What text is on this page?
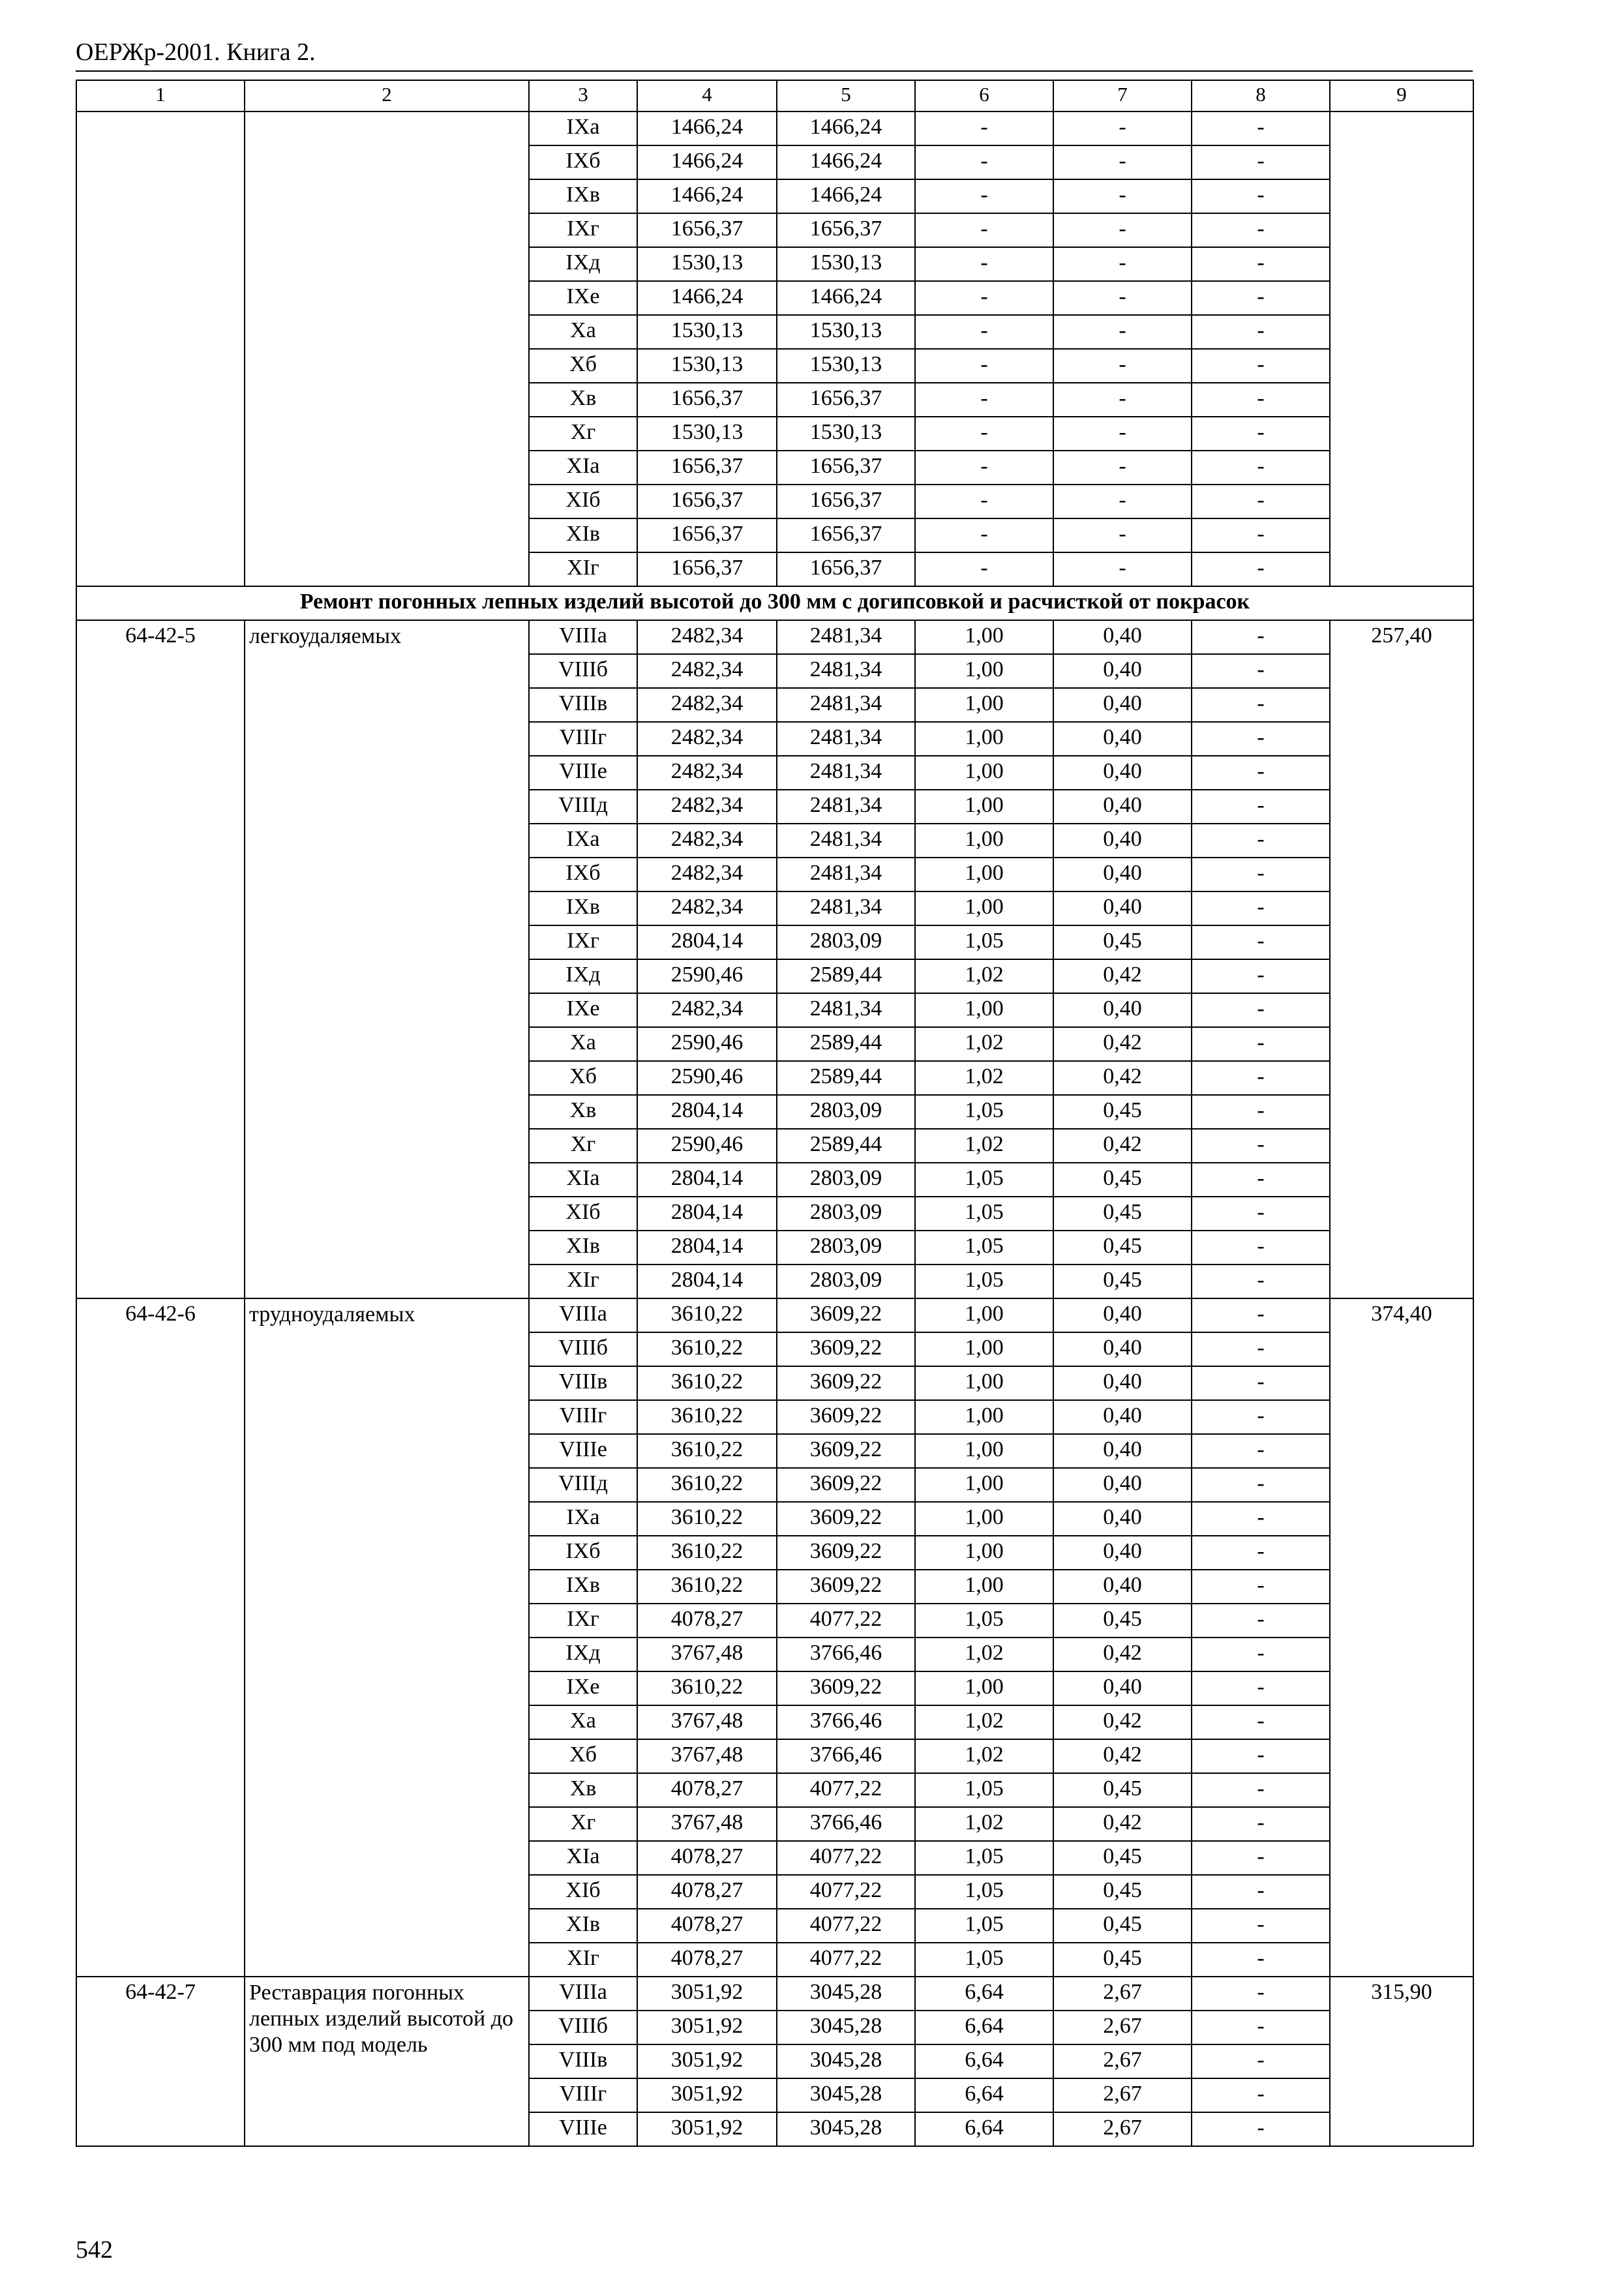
ОЕРЖр-2001. Книга 2.
1	2	3	4	5	6	7	8	9
		IXа	1466,24	1466,24	-	-	-	
		IXб	1466,24	1466,24	-	-	-	
		IXв	1466,24	1466,24	-	-	-	
		IXг	1656,37	1656,37	-	-	-	
		IXд	1530,13	1530,13	-	-	-	
		IXе	1466,24	1466,24	-	-	-	
		Xа	1530,13	1530,13	-	-	-	
		Xб	1530,13	1530,13	-	-	-	
		Xв	1656,37	1656,37	-	-	-	
		Xг	1530,13	1530,13	-	-	-	
		XIа	1656,37	1656,37	-	-	-	
		XIб	1656,37	1656,37	-	-	-	
		XIв	1656,37	1656,37	-	-	-	
		XIг	1656,37	1656,37	-	-	-	
Ремонт погонных лепных изделий высотой до 300 мм с догипсовкой и расчисткой от покрасок								
64-42-5	легкоудаляемых	VIIIа	2482,34	2481,34	1,00	0,40	-	257,40
		VIIIб	2482,34	2481,34	1,00	0,40	-	
		VIIIв	2482,34	2481,34	1,00	0,40	-	
		VIIIг	2482,34	2481,34	1,00	0,40	-	
		VIIIе	2482,34	2481,34	1,00	0,40	-	
		VIIIд	2482,34	2481,34	1,00	0,40	-	
		IXа	2482,34	2481,34	1,00	0,40	-	
		IXб	2482,34	2481,34	1,00	0,40	-	
		IXв	2482,34	2481,34	1,00	0,40	-	
		IXг	2804,14	2803,09	1,05	0,45	-	
		IXд	2590,46	2589,44	1,02	0,42	-	
		IXе	2482,34	2481,34	1,00	0,40	-	
		Xа	2590,46	2589,44	1,02	0,42	-	
		Xб	2590,46	2589,44	1,02	0,42	-	
		Xв	2804,14	2803,09	1,05	0,45	-	
		Xг	2590,46	2589,44	1,02	0,42	-	
		XIа	2804,14	2803,09	1,05	0,45	-	
		XIб	2804,14	2803,09	1,05	0,45	-	
		XIв	2804,14	2803,09	1,05	0,45	-	
		XIг	2804,14	2803,09	1,05	0,45	-	
64-42-6	трудноудаляемых	VIIIа	3610,22	3609,22	1,00	0,40	-	374,40
		VIIIб	3610,22	3609,22	1,00	0,40	-	
		VIIIв	3610,22	3609,22	1,00	0,40	-	
		VIIIг	3610,22	3609,22	1,00	0,40	-	
		VIIIе	3610,22	3609,22	1,00	0,40	-	
		VIIIд	3610,22	3609,22	1,00	0,40	-	
		IXа	3610,22	3609,22	1,00	0,40	-	
		IXб	3610,22	3609,22	1,00	0,40	-	
		IXв	3610,22	3609,22	1,00	0,40	-	
		IXг	4078,27	4077,22	1,05	0,45	-	
		IXд	3767,48	3766,46	1,02	0,42	-	
		IXе	3610,22	3609,22	1,00	0,40	-	
		Xа	3767,48	3766,46	1,02	0,42	-	
		Xб	3767,48	3766,46	1,02	0,42	-	
		Xв	4078,27	4077,22	1,05	0,45	-	
		Xг	3767,48	3766,46	1,02	0,42	-	
		XIа	4078,27	4077,22	1,05	0,45	-	
		XIб	4078,27	4077,22	1,05	0,45	-	
		XIв	4078,27	4077,22	1,05	0,45	-	
		XIг	4078,27	4077,22	1,05	0,45	-	
64-42-7	Реставрация погонных лепных изделий высотой до 300 мм под модель	VIIIа	3051,92	3045,28	6,64	2,67	-	315,90
		VIIIб	3051,92	3045,28	6,64	2,67	-	
		VIIIв	3051,92	3045,28	6,64	2,67	-	
		VIIIг	3051,92	3045,28	6,64	2,67	-	
		VIIIе	3051,92	3045,28	6,64	2,67	-	
542
